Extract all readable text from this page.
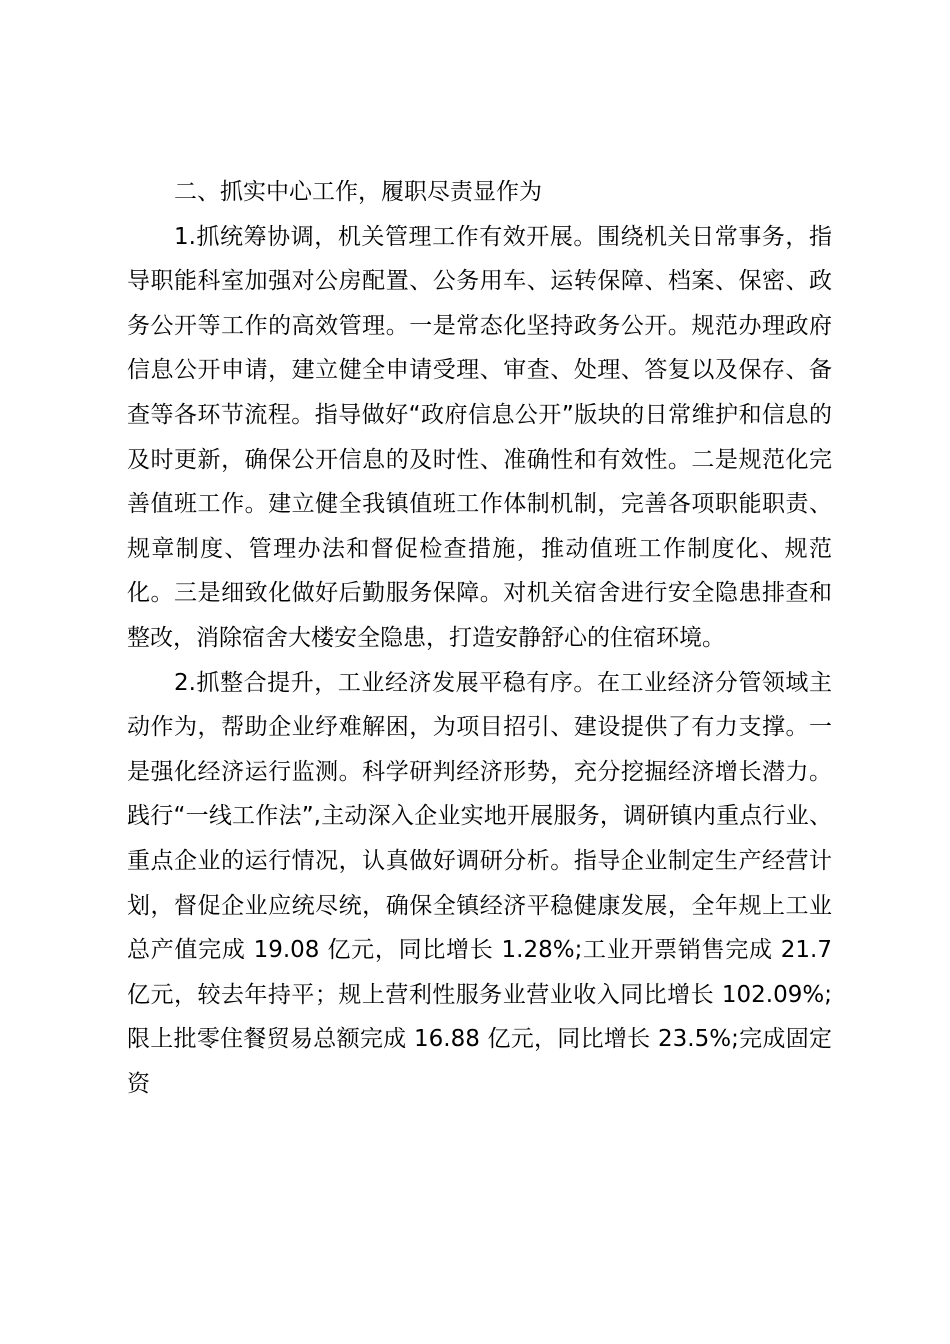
二、抓实中心工作，履职尽责显作为

1.抓统筹协调，机关管理工作有效开展。围绕机关日常事务，指导职能科室加强对公房配置、公务用车、运转保障、档案、保密、政务公开等工作的高效管理。一是常态化坚持政务公开。规范办理政府信息公开申请，建立健全申请受理、审查、处理、答复以及保存、备查等各环节流程。指导做好“政府信息公开”版块的日常维护和信息的及时更新，确保公开信息的及时性、准确性和有效性。二是规范化完善值班工作。建立健全我镇值班工作体制机制，完善各项职能职责、规章制度、管理办法和督促检查措施，推动值班工作制度化、规范化。三是细致化做好后勤服务保障。对机关宿舍进行安全隐患排查和整改，消除宿舍大楼安全隐患，打造安静舒心的住宿环境。

2.抓整合提升，工业经济发展平稳有序。在工业经济分管领域主动作为，帮助企业纾难解困，为项目招引、建设提供了有力支撑。一是强化经济运行监测。科学研判经济形势，充分挖掘经济增长潜力。践行“一线工作法”,主动深入企业实地开展服务，调研镇内重点行业、重点企业的运行情况，认真做好调研分析。指导企业制定生产经营计划，督促企业应统尽统，确保全镇经济平稳健康发展，全年规上工业总产值完成 19.08 亿元，同比增长 1.28%;工业开票销售完成 21.7 亿元，较去年持平；规上营利性服务业营业收入同比增长 102.09%;限上批零住餐贸易总额完成 16.88 亿元，同比增长 23.5%;完成固定资
